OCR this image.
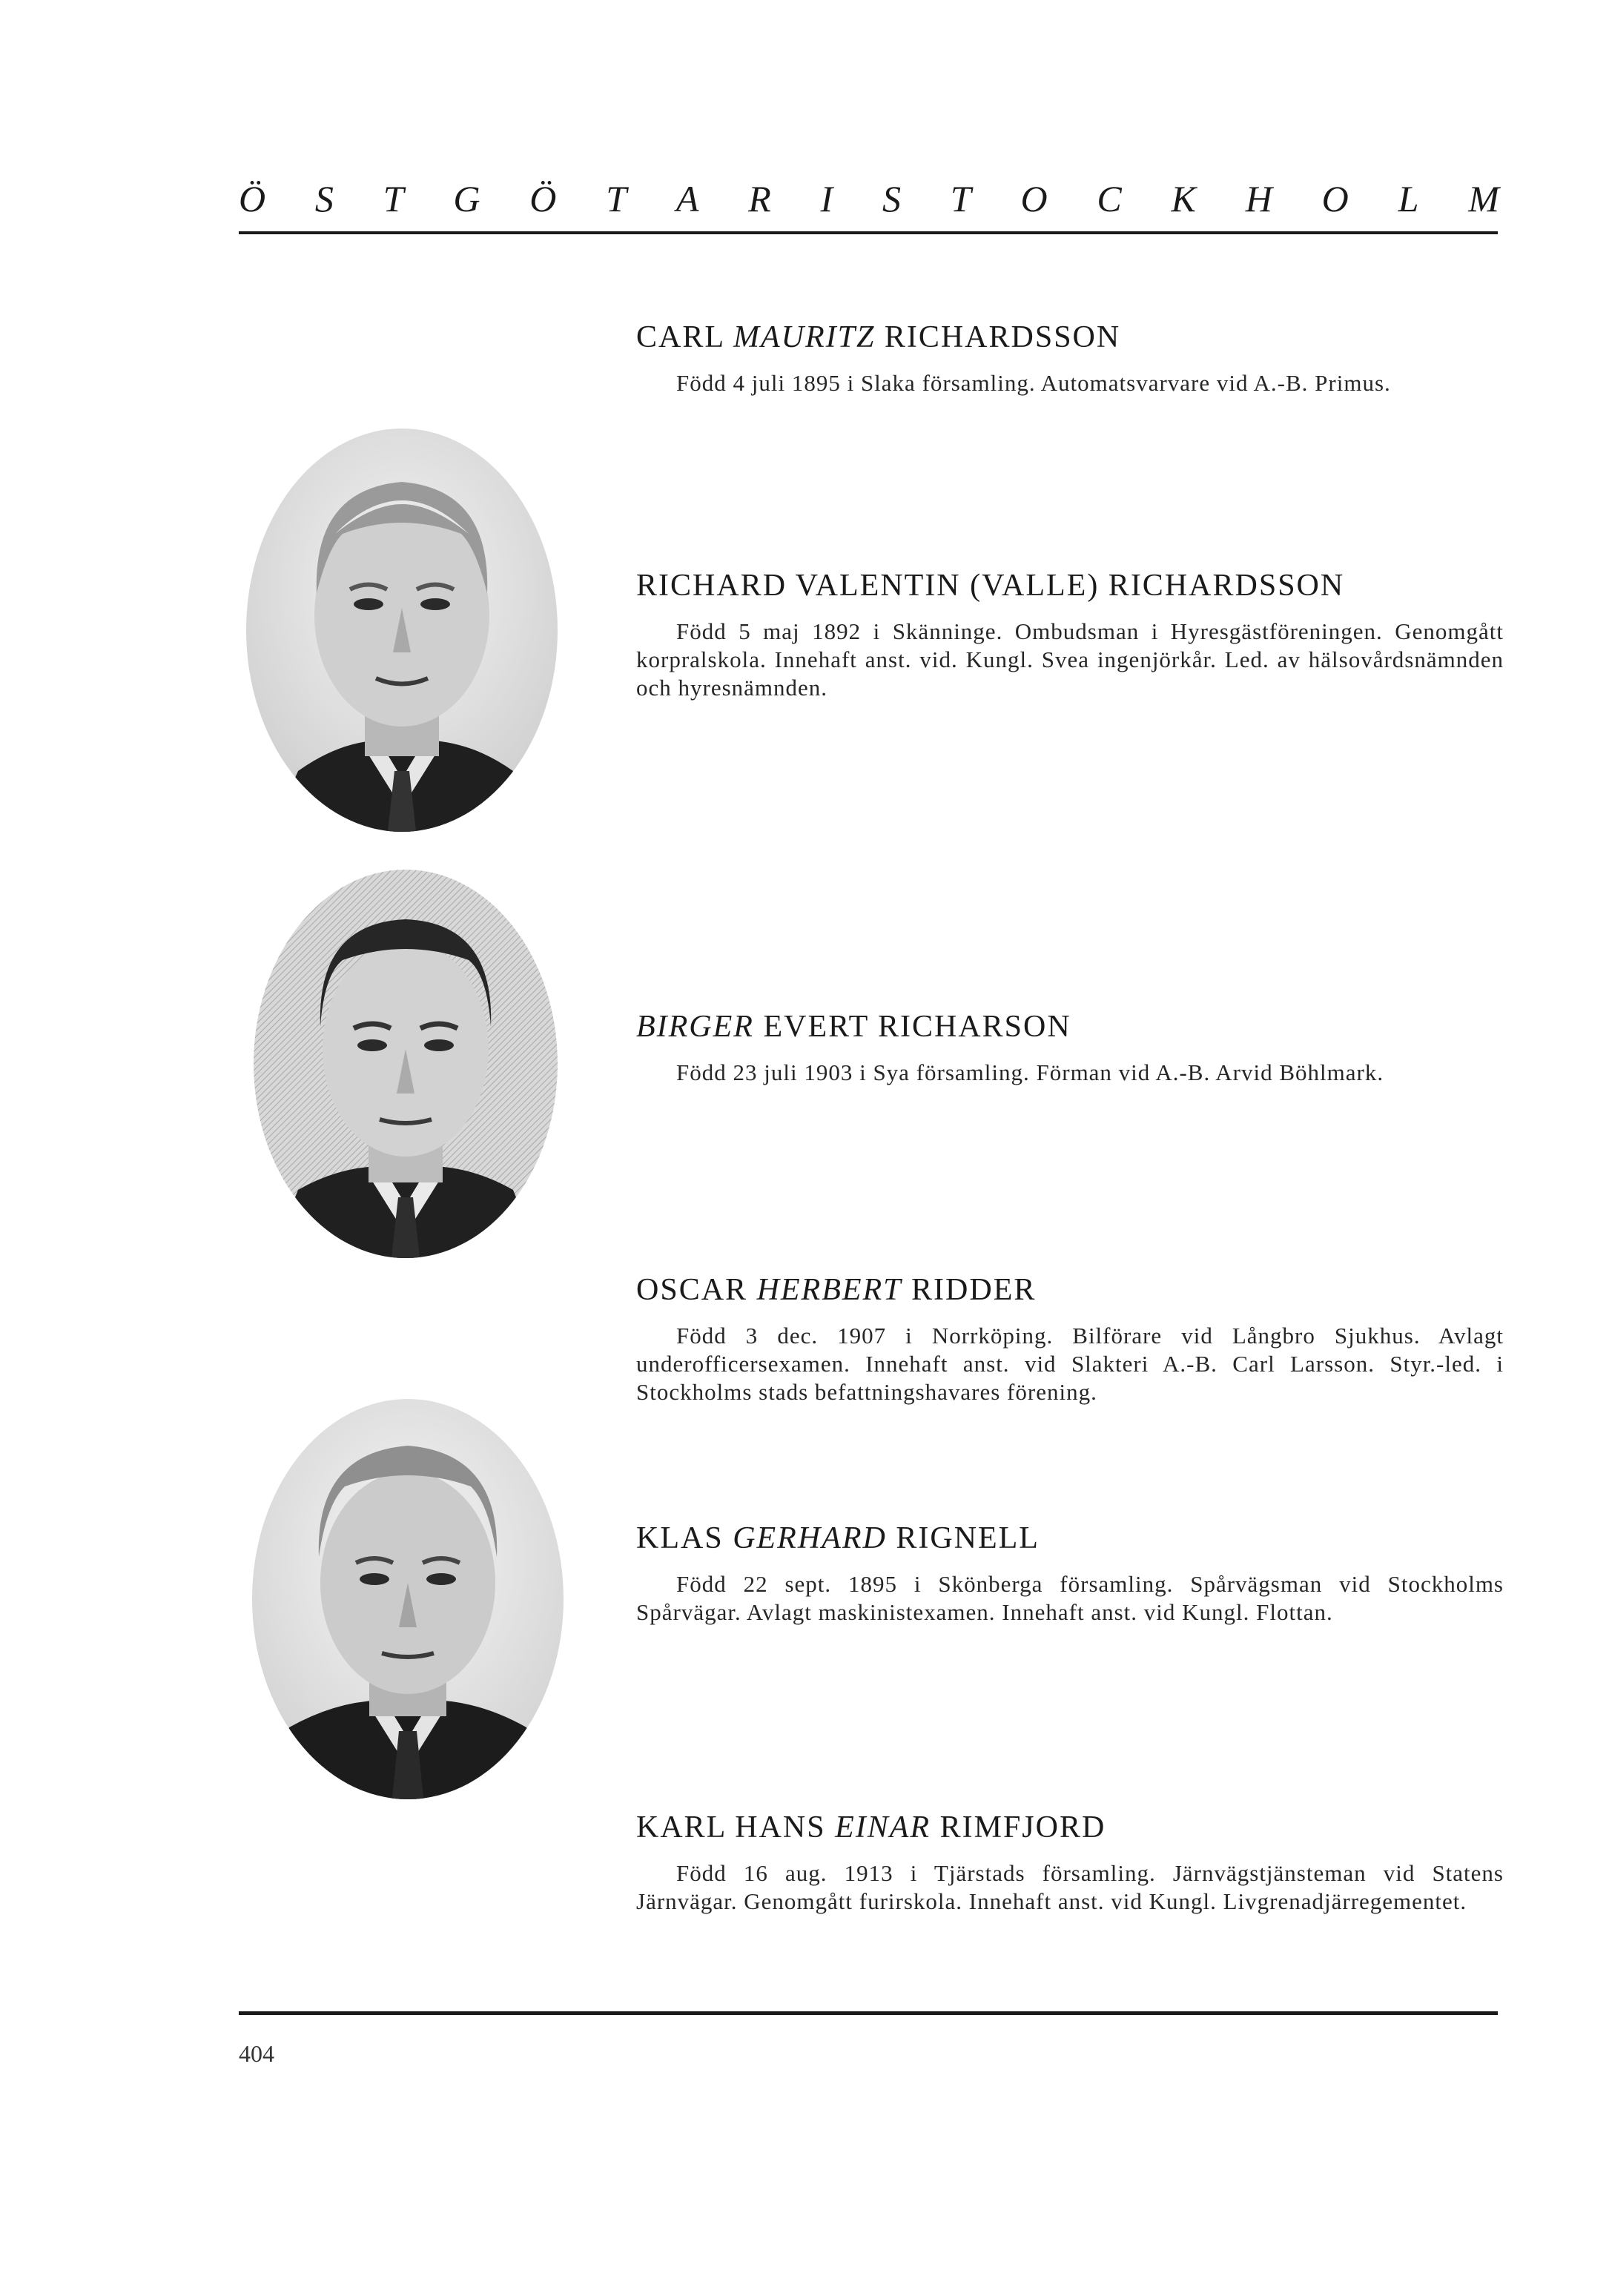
Ö S T G Ö T A R I S T O C K H O L M
CARL MAURITZ RICHARDSSON

Född 4 juli 1895 i Slaka församling. Automatsvarvare vid A.-B. Primus.

RICHARD VALENTIN (VALLE) RICHARDSSON

Född 5 maj 1892 i Skänninge. Ombudsman i Hyresgästföreningen. Genomgått korpralskola. Innehaft anst. vid. Kungl. Svea ingenjörkår. Led. av hälsovårdsnämnden och hyresnämnden.

BIRGER EVERT RICHARSON

Född 23 juli 1903 i Sya församling. Förman vid A.-B. Arvid Böhlmark.

OSCAR HERBERT RIDDER

Född 3 dec. 1907 i Norrköping. Bilförare vid Långbro Sjukhus. Avlagt underofficersexamen. Innehaft anst. vid Slakteri A.-B. Carl Larsson. Styr.-led. i Stockholms stads befattningshavares förening.

KLAS GERHARD RIGNELL

Född 22 sept. 1895 i Skönberga församling. Spårvägsman vid Stockholms Spårvägar. Avlagt maskinistexamen. Innehaft anst. vid Kungl. Flottan.

KARL HANS EINAR RIMFJORD

Född 16 aug. 1913 i Tjärstads församling. Järnvägstjänsteman vid Statens Järnvägar. Genomgått furirskola. Innehaft anst. vid Kungl. Livgrenadjärregementet.

404
